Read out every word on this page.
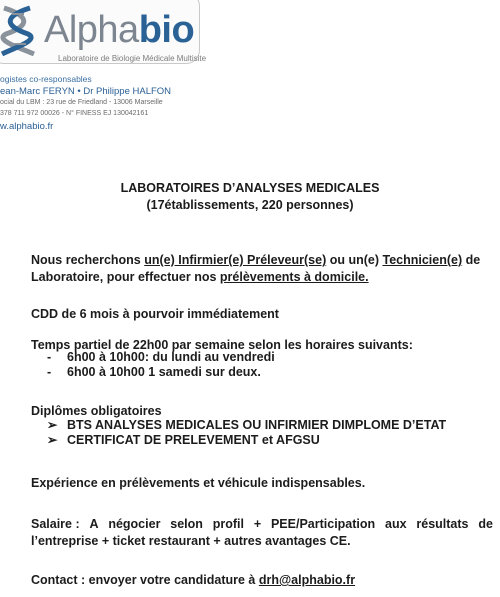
Alphabio
Laboratoire de Biologie Médicale Multisite
ogistes co-responsables
ean-Marc FERYN • Dr Philippe HALFON
ocial du LBM : 23 rue de Friedland - 13006 Marseille
378 711 972 00026 - N° FINESS EJ 130042161
w.alphabio.fr
LABORATOIRES D’ANALYSES MEDICALES
(17établissements, 220 personnes)
Nous recherchons un(e) Infirmier(e) Préleveur(se) ou un(e) Technicien(e) de
Laboratoire, pour effectuer nos prélèvements à domicile.
CDD de 6 mois à pourvoir immédiatement
Temps partiel de 22h00 par semaine selon les horaires suivants:
- 6h00 à 10h00: du lundi au vendredi
- 6h00 à 10h00 1 samedi sur deux.
Diplômes obligatoires
➢ BTS ANALYSES MEDICALES OU INFIRMIER DIMPLOME D’ETAT
➢ CERTIFICAT DE PRELEVEMENT et AFGSU
Expérience en prélèvements et véhicule indispensables.
Salaire : A négocier selon profil + PEE/Participation aux résultats de
l’entreprise + ticket restaurant + autres avantages CE.
Contact : envoyer votre candidature à drh@alphabio.fr
